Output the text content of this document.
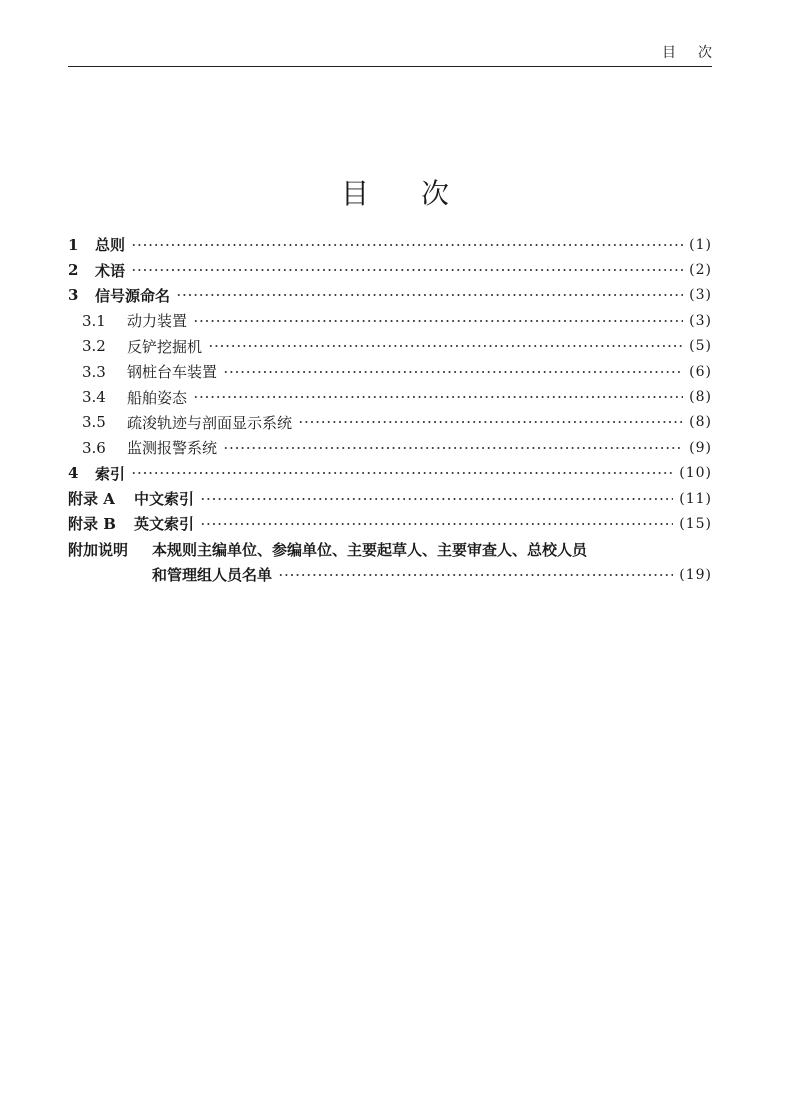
目次
目次
1	总则	(1)
2	术语	(2)
3	信号源命名	(3)
3.1	动力装置	(3)
3.2	反铲挖掘机	(5)
3.3	钢桩台车装置	(6)
3.4	船舶姿态	(8)
3.5	疏浚轨迹与剖面显示系统	(8)
3.6	监测报警系统	(9)
4	索引	(10)
附录 A	中文索引	(11)
附录 B	英文索引	(15)
附加说明	本规则主编单位、参编单位、主要起草人、主要审查人、总校人员
和管理组人员名单	(19)
